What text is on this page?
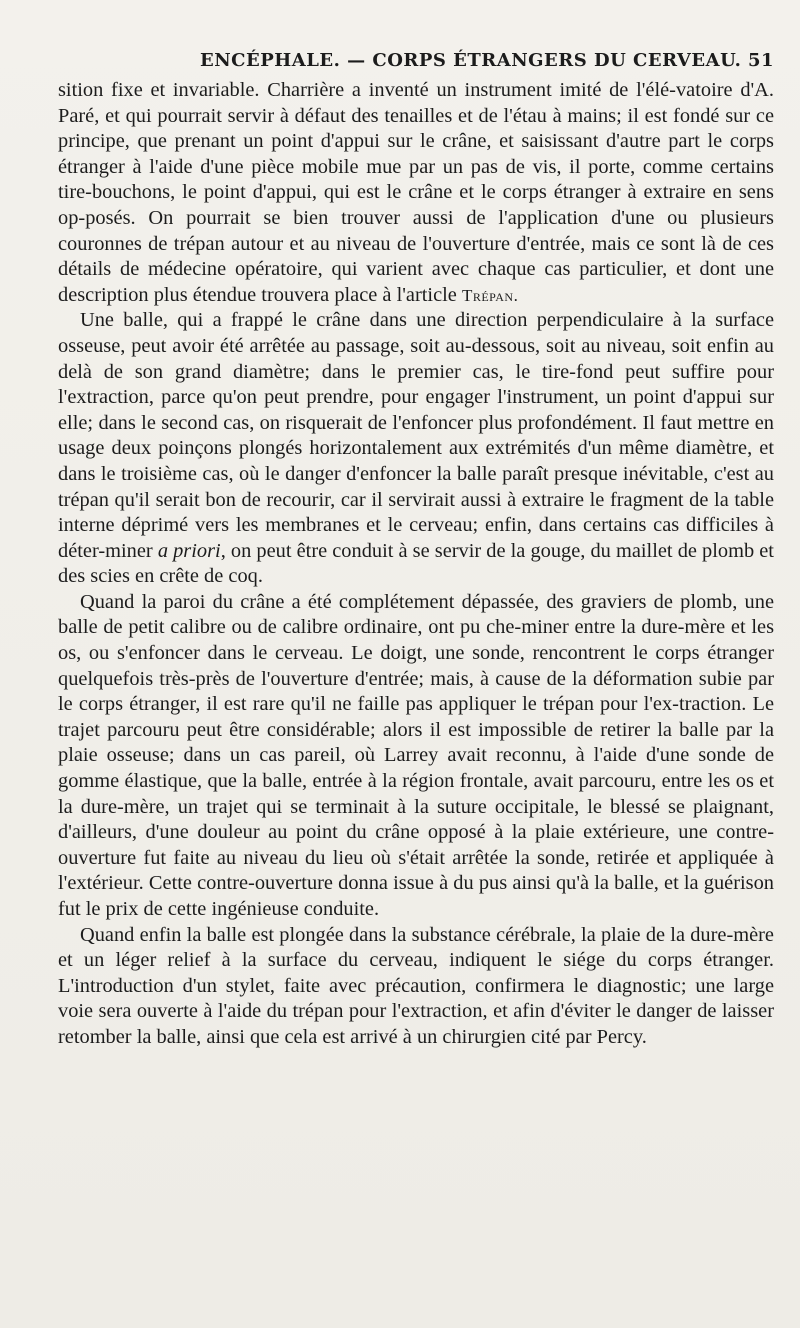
ENCÉPHALE. — CORPS ÉTRANGERS DU CERVEAU. 51

sition fixe et invariable. Charrière a inventé un instrument imité de l'élé-vatoire d'A. Paré, et qui pourrait servir à défaut des tenailles et de l'étau à mains; il est fondé sur ce principe, que prenant un point d'appui sur le crâne, et saisissant d'autre part le corps étranger à l'aide d'une pièce mobile mue par un pas de vis, il porte, comme certains tire-bouchons, le point d'appui, qui est le crâne et le corps étranger à extraire en sens op-posés. On pourrait se bien trouver aussi de l'application d'une ou plusieurs couronnes de trépan autour et au niveau de l'ouverture d'entrée, mais ce sont là de ces détails de médecine opératoire, qui varient avec chaque cas particulier, et dont une description plus étendue trouvera place à l'article Trépan.

Une balle, qui a frappé le crâne dans une direction perpendiculaire à la surface osseuse, peut avoir été arrêtée au passage, soit au-dessous, soit au niveau, soit enfin au delà de son grand diamètre; dans le premier cas, le tire-fond peut suffire pour l'extraction, parce qu'on peut prendre, pour engager l'instrument, un point d'appui sur elle; dans le second cas, on risquerait de l'enfoncer plus profondément. Il faut mettre en usage deux poinçons plongés horizontalement aux extrémités d'un même diamètre, et dans le troisième cas, où le danger d'enfoncer la balle paraît presque inévitable, c'est au trépan qu'il serait bon de recourir, car il servirait aussi à extraire le fragment de la table interne déprimé vers les membranes et le cerveau; enfin, dans certains cas difficiles à déter-miner a priori, on peut être conduit à se servir de la gouge, du maillet de plomb et des scies en crête de coq.

Quand la paroi du crâne a été complétement dépassée, des graviers de plomb, une balle de petit calibre ou de calibre ordinaire, ont pu che-miner entre la dure-mère et les os, ou s'enfoncer dans le cerveau. Le doigt, une sonde, rencontrent le corps étranger quelquefois très-près de l'ouverture d'entrée; mais, à cause de la déformation subie par le corps étranger, il est rare qu'il ne faille pas appliquer le trépan pour l'ex-traction. Le trajet parcouru peut être considérable; alors il est impossible de retirer la balle par la plaie osseuse; dans un cas pareil, où Larrey avait reconnu, à l'aide d'une sonde de gomme élastique, que la balle, entrée à la région frontale, avait parcouru, entre les os et la dure-mère, un trajet qui se terminait à la suture occipitale, le blessé se plaignant, d'ailleurs, d'une douleur au point du crâne opposé à la plaie extérieure, une contre-ouverture fut faite au niveau du lieu où s'était arrêtée la sonde, retirée et appliquée à l'extérieur. Cette contre-ouverture donna issue à du pus ainsi qu'à la balle, et la guérison fut le prix de cette ingénieuse conduite.

Quand enfin la balle est plongée dans la substance cérébrale, la plaie de la dure-mère et un léger relief à la surface du cerveau, indiquent le siége du corps étranger. L'introduction d'un stylet, faite avec précaution, confirmera le diagnostic; une large voie sera ouverte à l'aide du trépan pour l'extraction, et afin d'éviter le danger de laisser retomber la balle, ainsi que cela est arrivé à un chirurgien cité par Percy.
